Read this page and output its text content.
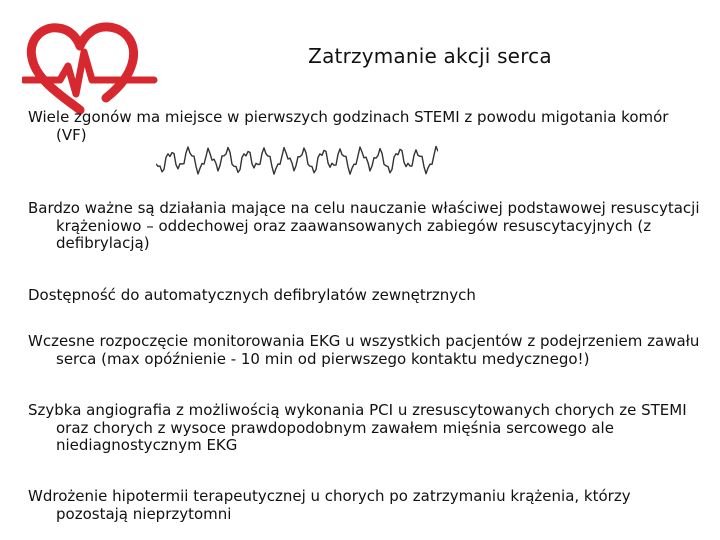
Zatrzymanie akcji serca

Wiele zgonów ma miejsce w pierwszych godzinach STEMI z powodu migotania komór (VF)

Bardzo ważne są działania mające na celu nauczanie właściwej podstawowej resuscytacji krążeniowo – oddechowej oraz zaawansowanych zabiegów resuscytacyjnych (z defibrylacją)

Dostępność do automatycznych defibrylatów zewnętrznych

Wczesne rozpoczęcie monitorowania EKG u wszystkich pacjentów z podejrzeniem zawału serca (max opóźnienie - 10 min od pierwszego kontaktu medycznego!)

Szybka angiografia z możliwością wykonania PCI u zresuscytowanych chorych ze STEMI oraz chorych z wysoce prawdopodobnym zawałem mięśnia sercowego ale niediagnostycznym EKG

Wdrożenie hipotermii terapeutycznej u chorych po zatrzymaniu krążenia, którzy pozostają nieprzytomni
